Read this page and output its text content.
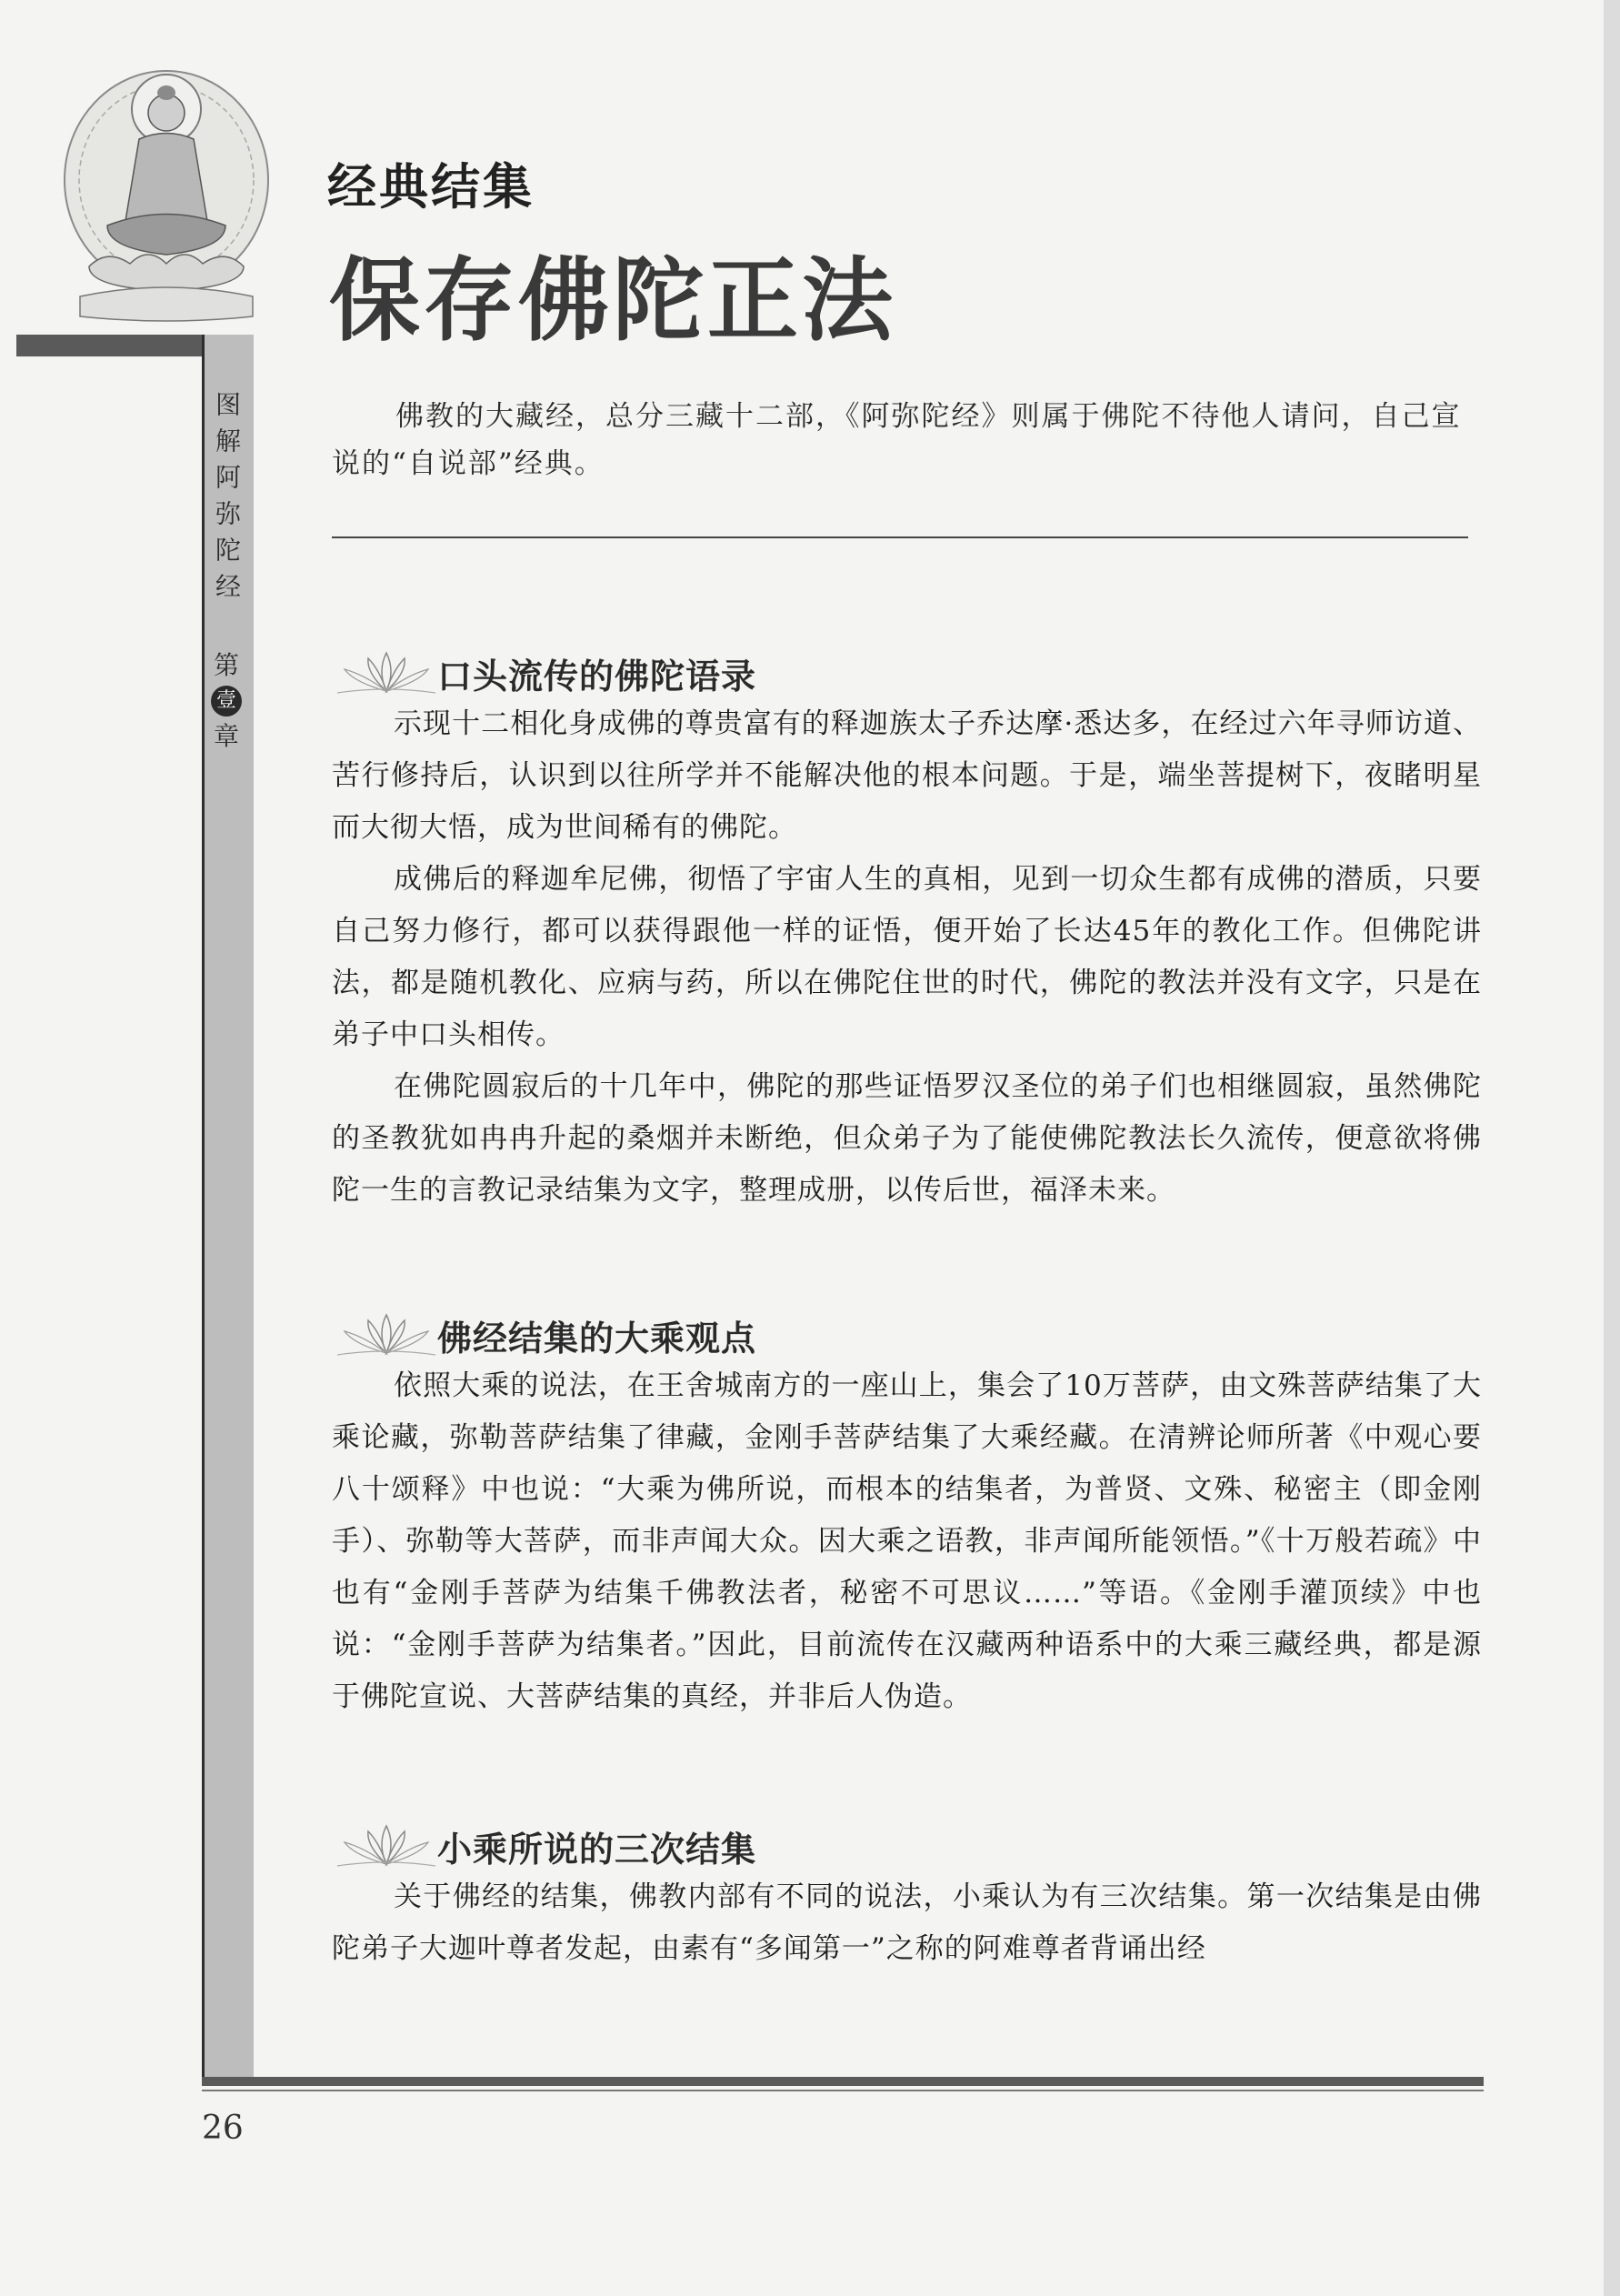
经典结集
保存佛陀正法
图解阿弥陀经
第
壹
章

佛教的大藏经，总分三藏十二部，《阿弥陀经》则属于佛陀不待他人请问，自己宣说的“自说部”经典。

口头流传的佛陀语录

示现十二相化身成佛的尊贵富有的释迦族太子乔达摩·悉达多，在经过六年寻师访道、苦行修持后，认识到以往所学并不能解决他的根本问题。于是，端坐菩提树下，夜睹明星而大彻大悟，成为世间稀有的佛陀。

成佛后的释迦牟尼佛，彻悟了宇宙人生的真相，见到一切众生都有成佛的潜质，只要自己努力修行，都可以获得跟他一样的证悟，便开始了长达45年的教化工作。但佛陀讲法，都是随机教化、应病与药，所以在佛陀住世的时代，佛陀的教法并没有文字，只是在弟子中口头相传。

在佛陀圆寂后的十几年中，佛陀的那些证悟罗汉圣位的弟子们也相继圆寂，虽然佛陀的圣教犹如冉冉升起的桑烟并未断绝，但众弟子为了能使佛陀教法长久流传，便意欲将佛陀一生的言教记录结集为文字，整理成册，以传后世，福泽未来。

佛经结集的大乘观点

依照大乘的说法，在王舍城南方的一座山上，集会了10万菩萨，由文殊菩萨结集了大乘论藏，弥勒菩萨结集了律藏，金刚手菩萨结集了大乘经藏。在清辨论师所著《中观心要八十颂释》中也说：“大乘为佛所说，而根本的结集者，为普贤、文殊、秘密主（即金刚手）、弥勒等大菩萨，而非声闻大众。因大乘之语教，非声闻所能领悟。”《十万般若疏》中也有“金刚手菩萨为结集千佛教法者，秘密不可思议……”等语。《金刚手灌顶续》中也说：“金刚手菩萨为结集者。”因此，目前流传在汉藏两种语系中的大乘三藏经典，都是源于佛陀宣说、大菩萨结集的真经，并非后人伪造。

小乘所说的三次结集

关于佛经的结集，佛教内部有不同的说法，小乘认为有三次结集。第一次结集是由佛陀弟子大迦叶尊者发起，由素有“多闻第一”之称的阿难尊者背诵出经

26
